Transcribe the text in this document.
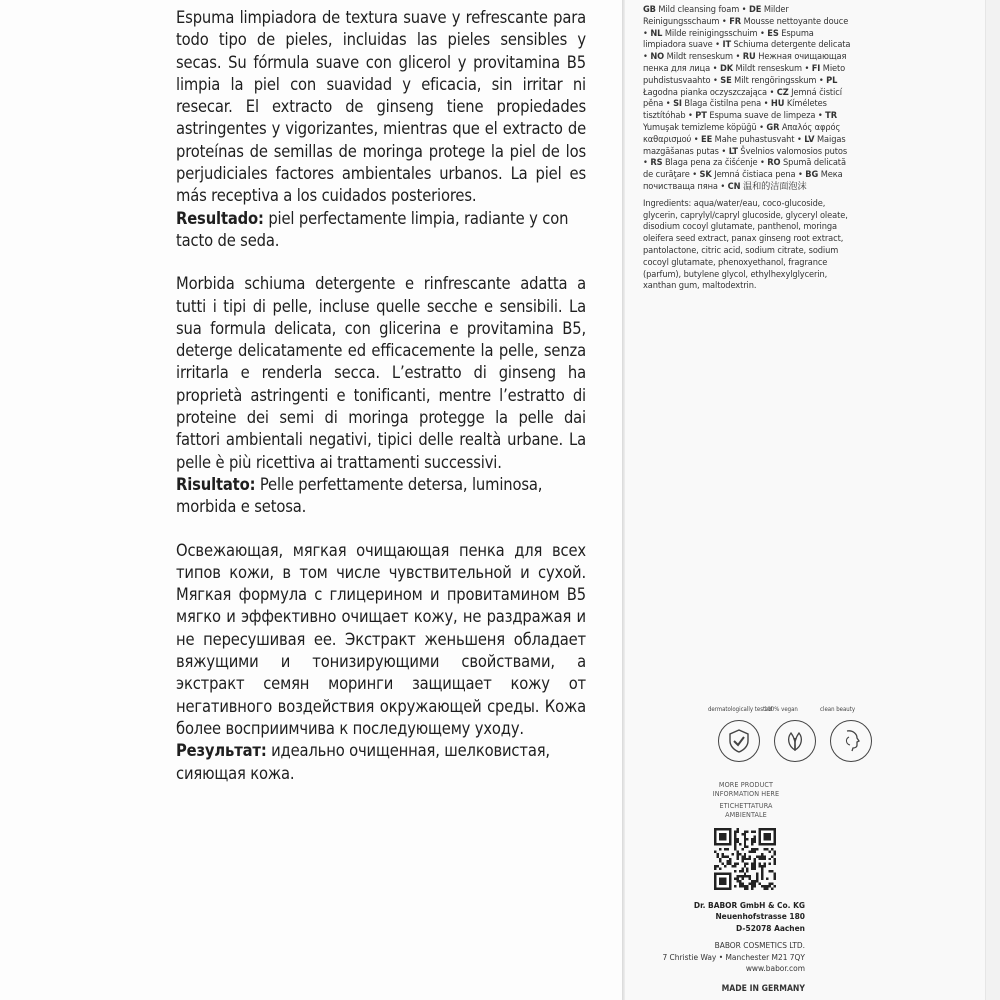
Espuma limpiadora de textura suave y refrescante para todo tipo de pieles, incluidas las pieles sensibles y secas. Su fórmula suave con glicerol y provitamina B5 limpia la piel con suavidad y eficacia, sin irritar ni resecar. El extracto de ginseng tiene propiedades astringentes y vigorizantes, mientras que el extracto de proteínas de semillas de moringa protege la piel de los perjudiciales factores ambientales urbanos. La piel es más receptiva a los cuidados posteriores.

Resultado: piel perfectamente limpia, radiante y con tacto de seda.

Morbida schiuma detergente e rinfrescante adatta a tutti i tipi di pelle, incluse quelle secche e sensibili. La sua formula delicata, con glicerina e provitamina B5, deterge delicatamente ed efficacemente la pelle, senza irritarla e renderla secca. L’estratto di ginseng ha proprietà astringenti e tonificanti, mentre l’estratto di proteine dei semi di moringa protegge la pelle dai fattori ambientali negativi, tipici delle realtà urbane. La pelle è più ricettiva ai trattamenti successivi.

Risultato: Pelle perfettamente detersa, luminosa, morbida e setosa.

Освежающая, мягкая очищающая пенка для всех типов кожи, в том числе чувствительной и сухой. Мягкая формула с глицерином и провитамином B5 мягко и эффективно очищает кожу, не раздражая и не пересушивая ее. Экстракт женьшеня обладает вяжущими и тонизирующими свойствами, а экстракт семян моринги защищает кожу от негативного воздействия окружающей среды. Кожа более восприимчива к последующему уходу.

Результат: идеально очищенная, шелковистая, сияющая кожа.

GB Mild cleansing foam • DE Milder Reinigungsschaum • FR Mousse nettoyante douce • NL Milde reinigingsschuim • ES Espuma limpiadora suave • IT Schiuma detergente delicata • NO Mildt renseskum • RU Нежная очищающая пенка для лица • DK Mildt renseskum • FI Mieto puhdistusvaahto • SE Milt rengöringsskum • PL Łagodna pianka oczyszczająca • CZ Jemná čisticí pěna • SI Blaga čistilna pena • HU Kíméletes tisztítóhab • PT Espuma suave de limpeza • TR Yumuşak temizleme köpüğü • GR Απαλός αφρός καθαρισμού • EE Mahe puhastusvaht • LV Maigas mazgāšanas putas • LT Švelnios valomosios putos • RS Blaga pena za čišćenje • RO Spumă delicată de curăţare • SK Jemná čistiaca pena • BG Мека почистваща пяна • CN 温和的洁面泡沫

Ingredients: aqua/water/eau, coco-glucoside, glycerin, caprylyl/capryl glucoside, glyceryl oleate, disodium cocoyl glutamate, panthenol, moringa oleifera seed extract, panax ginseng root extract, pantolactone, citric acid, sodium citrate, sodium cocoyl glutamate, phenoxyethanol, fragrance (parfum), butylene glycol, ethylhexylglycerin, xanthan gum, maltodextrin.

dermatologically tested
100% vegan	clean beauty

MORE PRODUCT

INFORMATION HERE

ETICHETTATURA

AMBIENTALE

Dr. BABOR GmbH & Co. KG

Neuenhofstrasse 180

D-52078 Aachen

BABOR COSMETICS LTD.

7 Christie Way • Manchester M21 7QY

www.babor.com

MADE IN GERMANY
